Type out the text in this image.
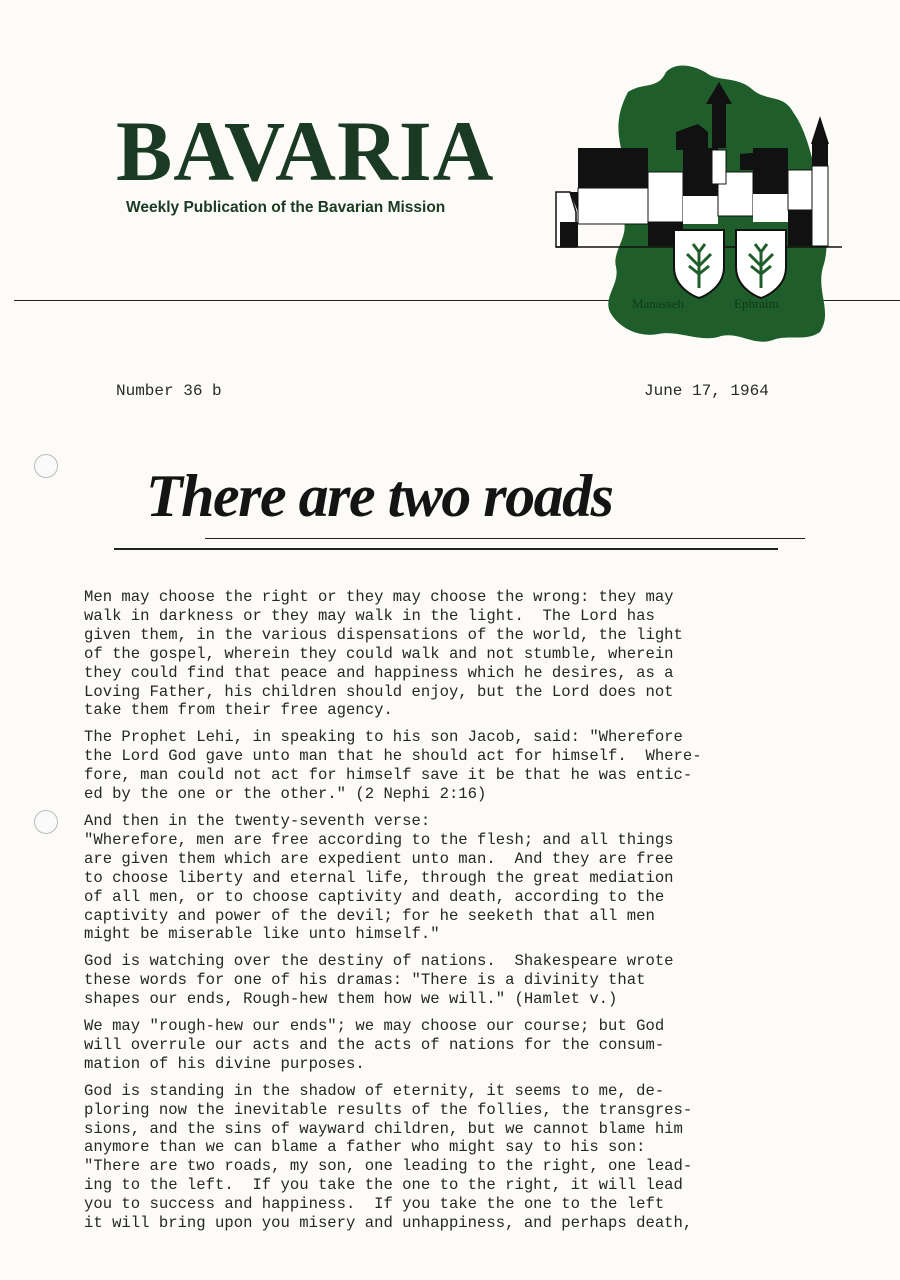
BAVARIA
Weekly Publication of the Bavarian Mission
Manasseh	Ephraim
Number 36 b	June 17, 1964
There are two roads

Men may choose the right or they may choose the wrong: they may
walk in darkness or they may walk in the light.  The Lord has
given them, in the various dispensations of the world, the light
of the gospel, wherein they could walk and not stumble, wherein
they could find that peace and happiness which he desires, as a
Loving Father, his children should enjoy, but the Lord does not
take them from their free agency.

The Prophet Lehi, in speaking to his son Jacob, said: "Wherefore
the Lord God gave unto man that he should act for himself.  Where-
fore, man could not act for himself save it be that he was entic-
ed by the one or the other." (2 Nephi 2:16)

And then in the twenty-seventh verse:
"Wherefore, men are free according to the flesh; and all things
are given them which are expedient unto man.  And they are free
to choose liberty and eternal life, through the great mediation
of all men, or to choose captivity and death, according to the
captivity and power of the devil; for he seeketh that all men
might be miserable like unto himself."

God is watching over the destiny of nations.  Shakespeare wrote
these words for one of his dramas: "There is a divinity that
shapes our ends, Rough-hew them how we will." (Hamlet v.)

We may "rough-hew our ends"; we may choose our course; but God
will overrule our acts and the acts of nations for the consum-
mation of his divine purposes.

God is standing in the shadow of eternity, it seems to me, de-
ploring now the inevitable results of the follies, the transgres-
sions, and the sins of wayward children, but we cannot blame him
anymore than we can blame a father who might say to his son:
"There are two roads, my son, one leading to the right, one lead-
ing to the left.  If you take the one to the right, it will lead
you to success and happiness.  If you take the one to the left
it will bring upon you misery and unhappiness, and perhaps death,
